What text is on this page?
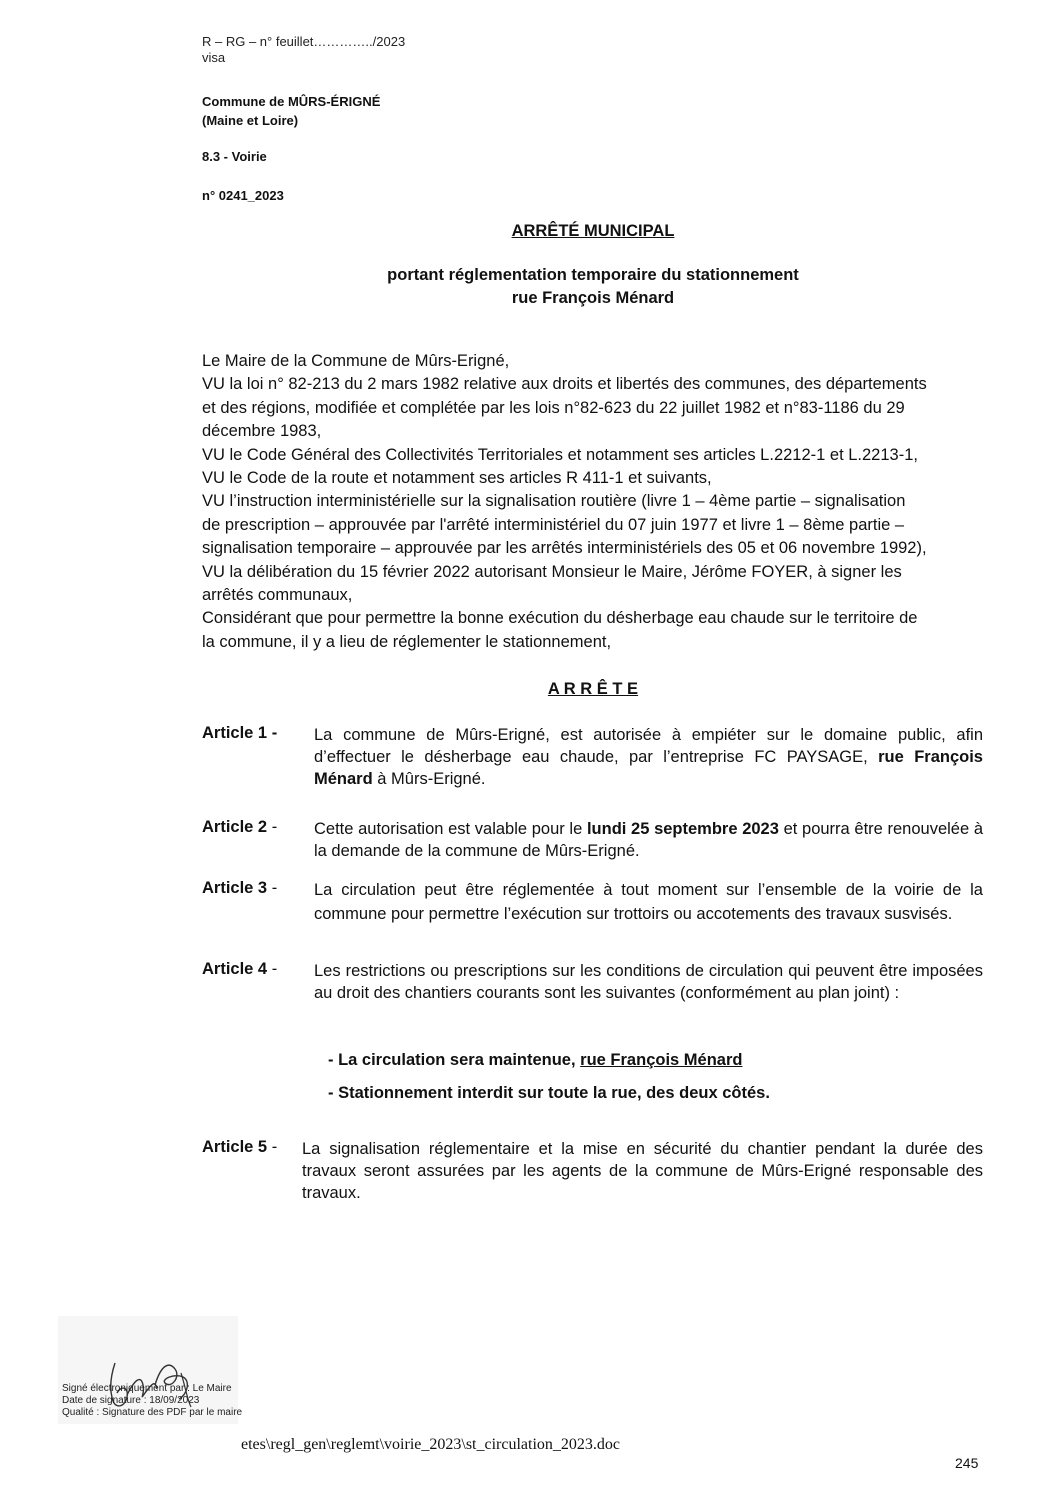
R – RG – n° feuillet…………../2023
visa
Commune de MÛRS-ÉRIGNÉ
(Maine et Loire)
8.3 - Voirie
n° 0241_2023
ARRÊTÉ MUNICIPAL
portant réglementation temporaire du stationnement
rue François Ménard
Le Maire de la Commune de Mûrs-Erigné,
VU la loi n° 82-213 du 2 mars 1982 relative aux droits et libertés des communes, des départements
et des régions, modifiée et complétée par les lois n°82-623 du 22 juillet 1982 et n°83-1186 du 29
décembre 1983,
VU le Code Général des Collectivités Territoriales et notamment ses articles L.2212-1 et L.2213-1,
VU le Code de la route et notamment ses articles R 411-1 et suivants,
VU l’instruction interministérielle sur la signalisation routière (livre 1 – 4ème partie – signalisation
de prescription – approuvée par l'arrêté interministériel du 07 juin 1977 et livre 1 – 8ème partie –
signalisation temporaire – approuvée par les arrêtés interministériels des 05 et 06 novembre 1992),
VU la délibération du 15 février 2022 autorisant Monsieur le Maire, Jérôme FOYER, à signer les
arrêtés communaux,
Considérant que pour permettre la bonne exécution du désherbage eau chaude sur le territoire de
la commune, il y a lieu de réglementer le stationnement,
A R R Ê T E
Article 1 - La commune de Mûrs-Erigné, est autorisée à empiéter sur le domaine public, afin d’effectuer le désherbage eau chaude, par l’entreprise FC PAYSAGE, rue François Ménard à Mûrs-Erigné.
Article 2 - Cette autorisation est valable pour le lundi 25 septembre 2023 et pourra être renouvelée à la demande de la commune de Mûrs-Erigné.
Article 3 - La circulation peut être réglementée à tout moment sur l’ensemble de la voirie de la commune pour permettre l’exécution sur trottoirs ou accotements des travaux susvisés.
Article 4 - Les restrictions ou prescriptions sur les conditions de circulation qui peuvent être imposées au droit des chantiers courants sont les suivantes (conformément au plan joint) :
- La circulation sera maintenue, rue François Ménard
- Stationnement interdit sur toute la rue, des deux côtés.
Article 5 - La signalisation réglementaire et la mise en sécurité du chantier pendant la durée des travaux seront assurées par les agents de la commune de Mûrs-Erigné responsable des travaux.
Signé électroniquement par : Le Maire
Date de signature : 18/09/2023
Qualité : Signature des PDF par le maire
etes\regl_gen\reglemt\voirie_2023\st_circulation_2023.doc
245
